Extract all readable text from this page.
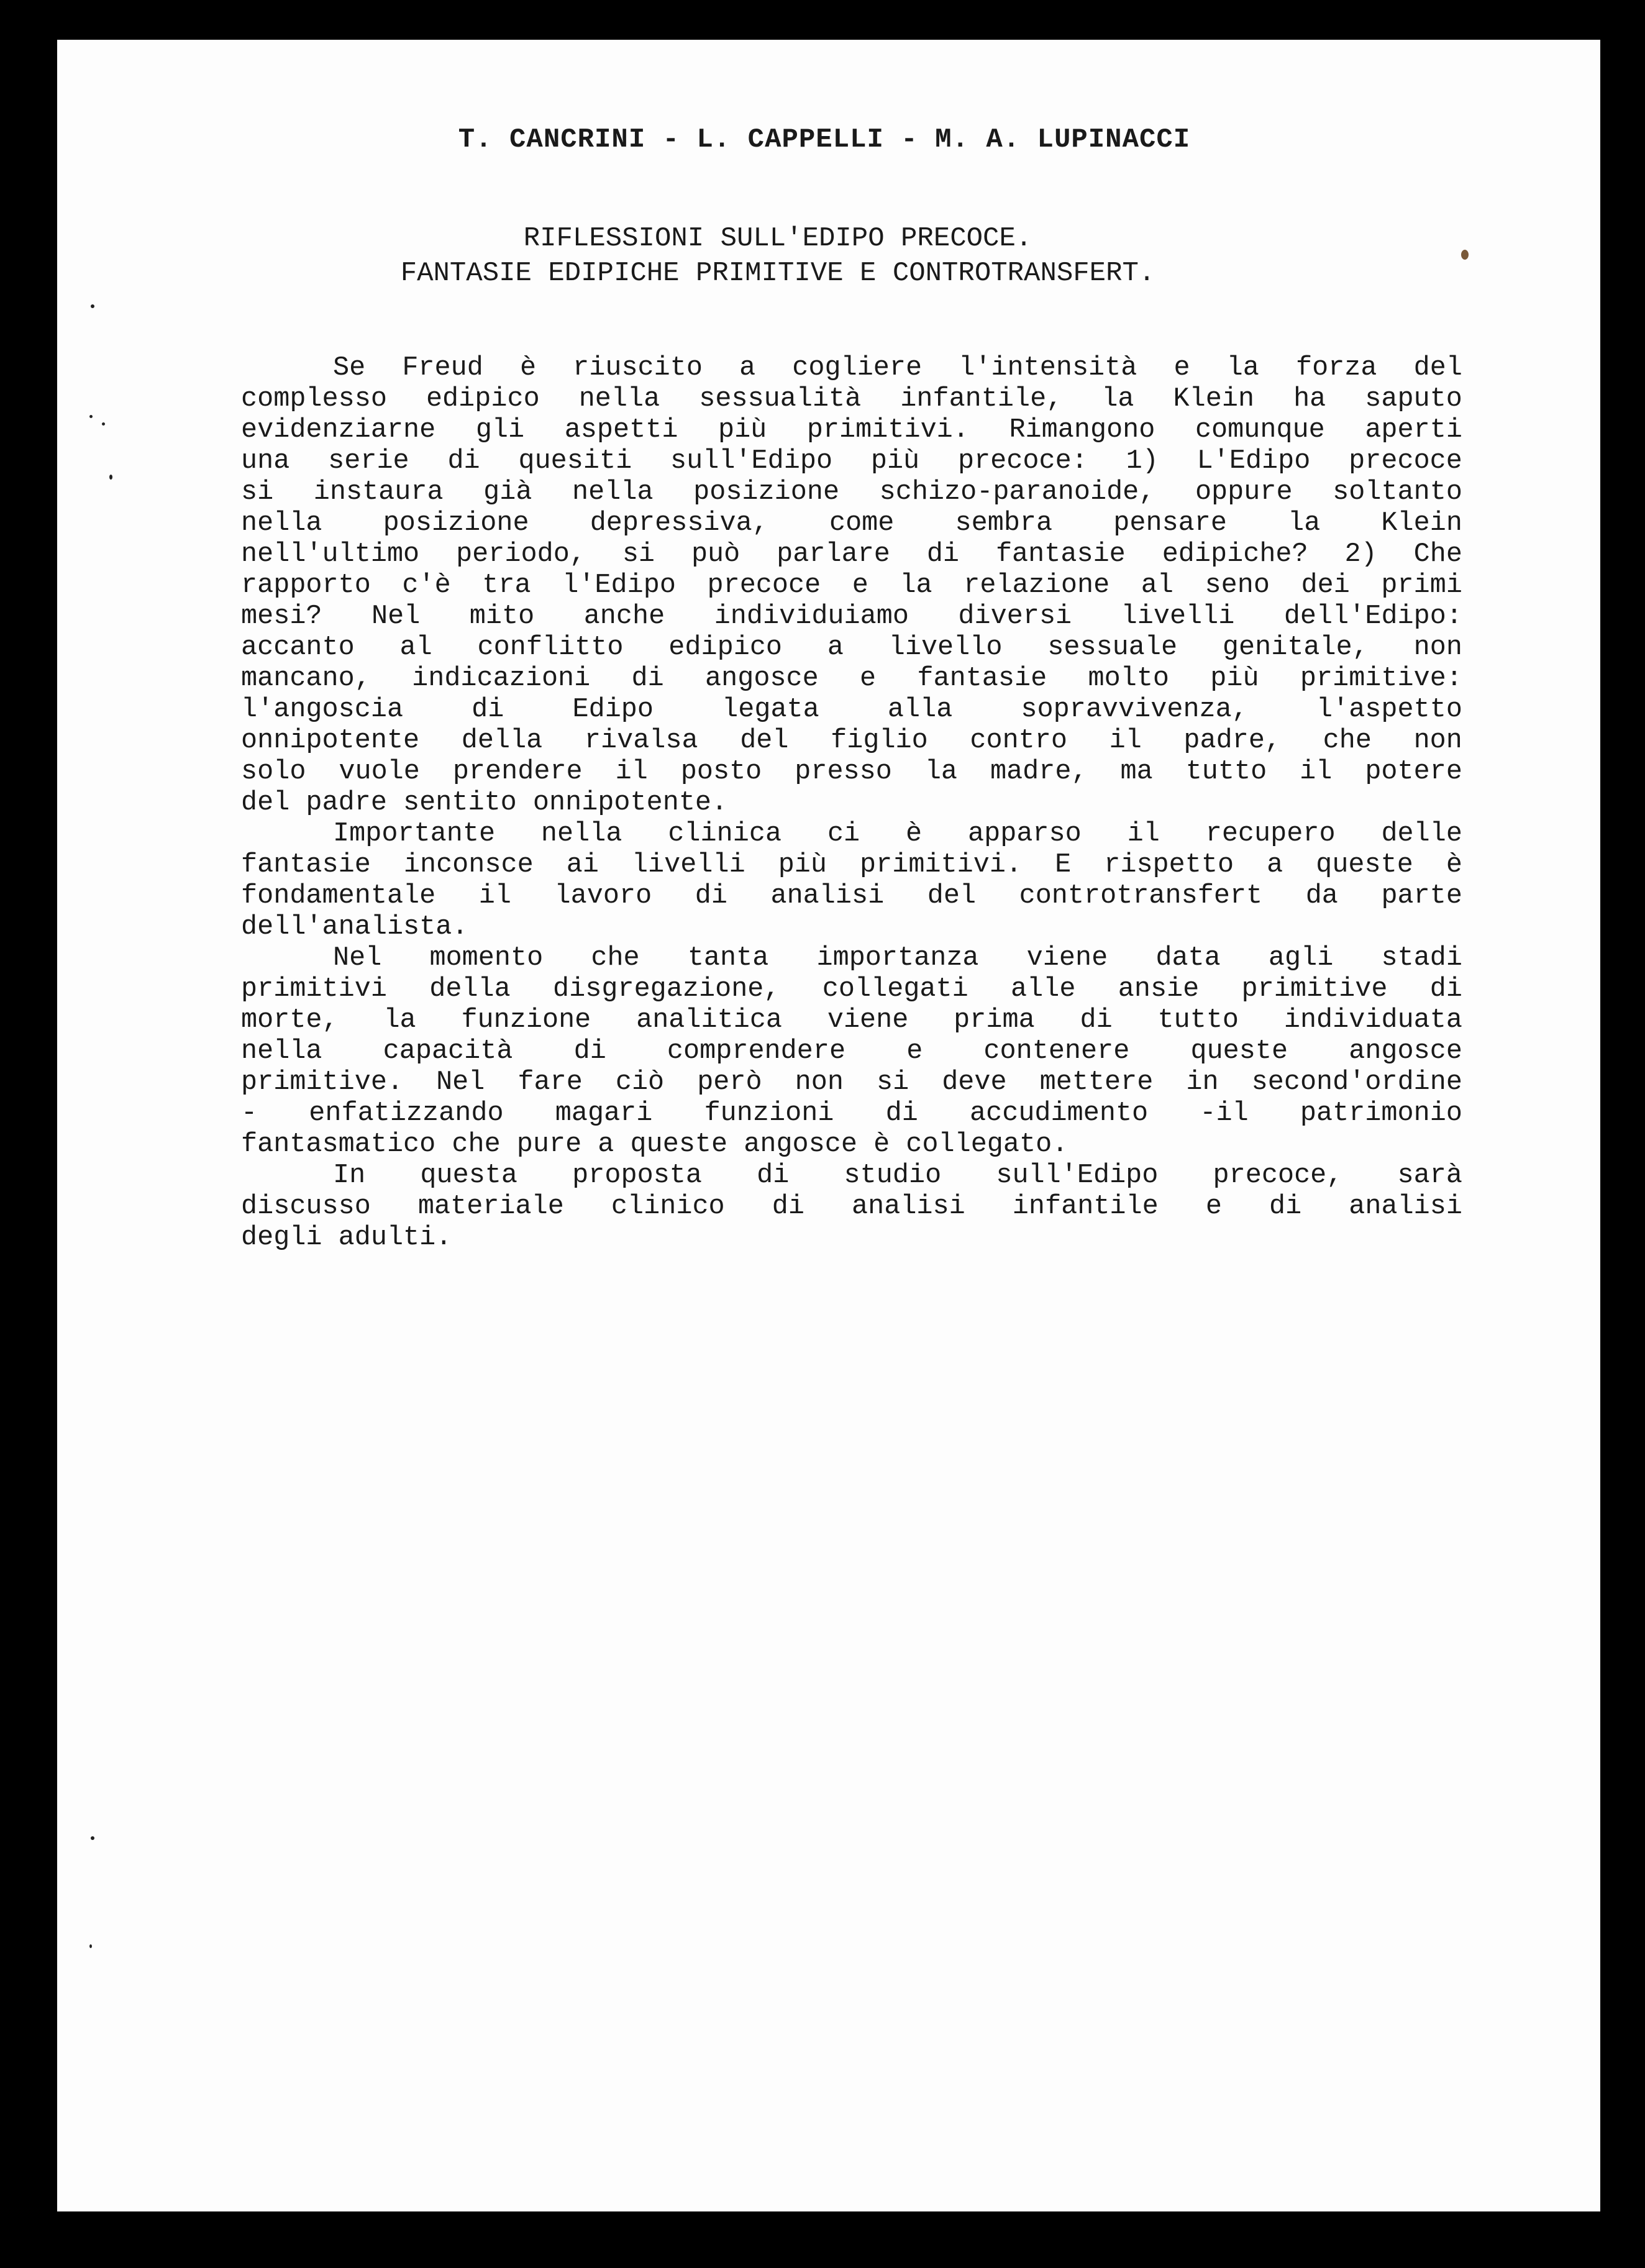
T. CANCRINI - L. CAPPELLI - M. A. LUPINACCI
RIFLESSIONI SULL'EDIPO PRECOCE.
FANTASIE EDIPICHE PRIMITIVE E CONTROTRANSFERT.
Se Freud è riuscito a cogliere l'intensità e la forza del
complesso edipico nella sessualità infantile, la Klein ha saputo
evidenziarne gli aspetti più primitivi. Rimangono comunque aperti
una serie di quesiti sull'Edipo più precoce: 1) L'Edipo precoce
si instaura già nella posizione schizo-paranoide, oppure soltanto
nella posizione depressiva, come sembra pensare la Klein
nell'ultimo periodo, si può parlare di fantasie edipiche? 2) Che
rapporto c'è tra l'Edipo precoce e la relazione al seno dei primi
mesi? Nel mito anche individuiamo diversi livelli dell'Edipo:
accanto al conflitto edipico a livello sessuale genitale, non
mancano, indicazioni di angosce e fantasie molto più primitive:
l'angoscia	di	Edipo	legata	alla	sopravvivenza,	l'aspetto
onnipotente della rivalsa del figlio contro il padre, che non
solo vuole prendere il posto presso la madre, ma tutto il potere
del padre sentito onnipotente.
Importante nella clinica ci è apparso il recupero delle
fantasie inconsce ai livelli più primitivi. E rispetto a queste è
fondamentale il lavoro di analisi del controtransfert da parte
dell'analista.
Nel momento che tanta importanza viene data agli stadi
primitivi della disgregazione, collegati alle ansie primitive di
morte, la funzione analitica viene prima di tutto individuata
nella capacità di comprendere e contenere queste angosce
primitive. Nel fare ciò però non si deve mettere in second'ordine
- enfatizzando magari funzioni di accudimento -il patrimonio
fantasmatico che pure a queste angosce è collegato.
In questa proposta di studio sull'Edipo precoce, sarà
discusso materiale clinico di analisi infantile e di analisi
degli adulti.
